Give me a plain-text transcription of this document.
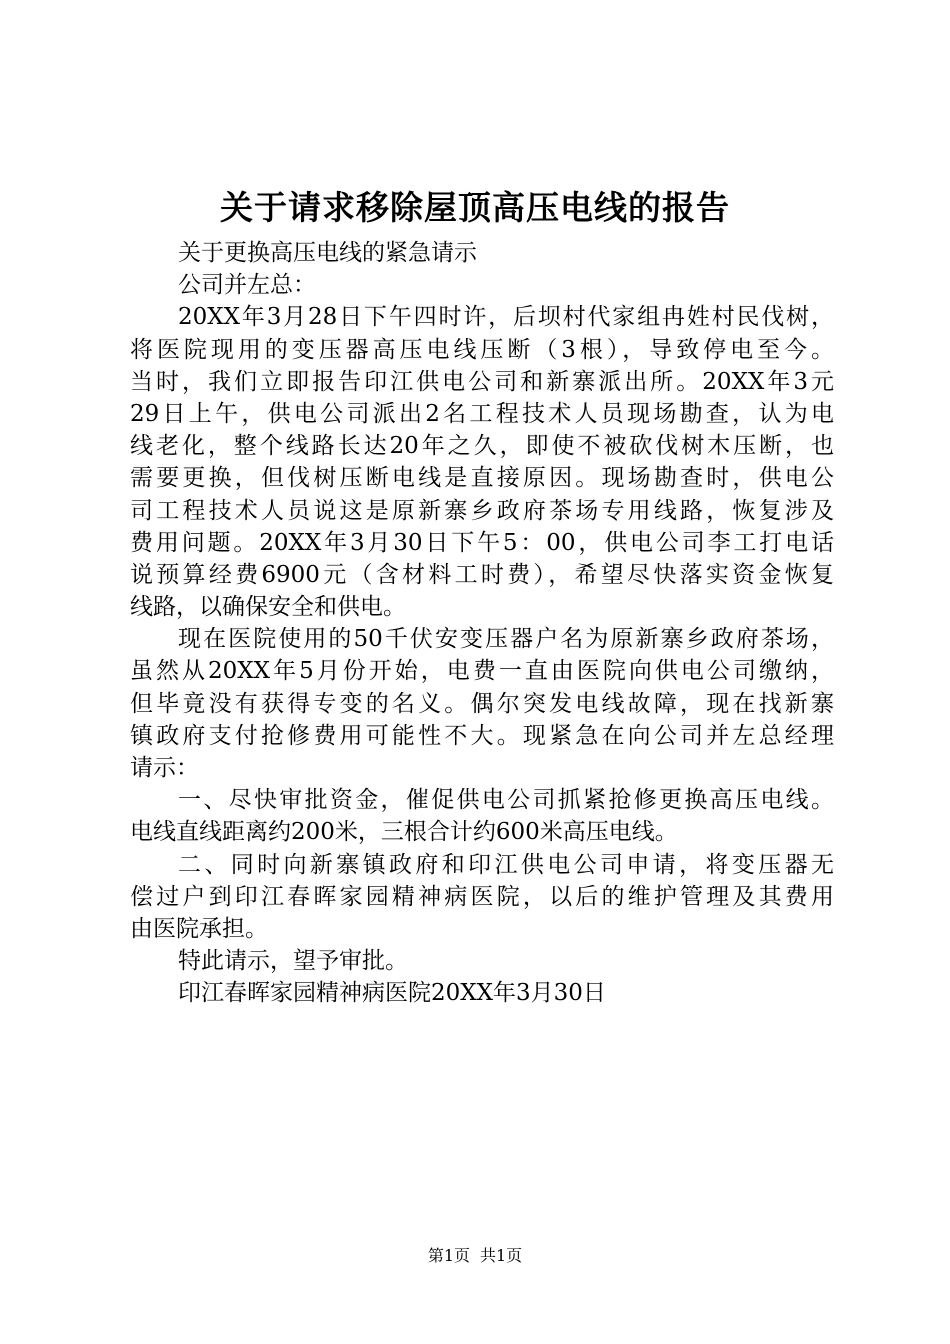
关于请求移除屋顶高压电线的报告
关于更换高压电线的紧急请示
公司并左总：
20XX年3月28日下午四时许，后坝村代家组冉姓村民伐树，
将医院现用的变压器高压电线压断（3根），导致停电至今。
当时，我们立即报告印江供电公司和新寨派出所。20XX年3元
29日上午，供电公司派出2名工程技术人员现场勘查，认为电
线老化，整个线路长达20年之久，即使不被砍伐树木压断，也
需要更换，但伐树压断电线是直接原因。现场勘查时，供电公
司工程技术人员说这是原新寨乡政府茶场专用线路，恢复涉及
费用问题。20XX年3月30日下午5：00，供电公司李工打电话
说预算经费6900元（含材料工时费），希望尽快落实资金恢复
线路，以确保安全和供电。
现在医院使用的50千伏安变压器户名为原新寨乡政府茶场，
虽然从20XX年5月份开始，电费一直由医院向供电公司缴纳，
但毕竟没有获得专变的名义。偶尔突发电线故障，现在找新寨
镇政府支付抢修费用可能性不大。现紧急在向公司并左总经理
请示：
一、尽快审批资金，催促供电公司抓紧抢修更换高压电线。
电线直线距离约200米，三根合计约600米高压电线。
二、同时向新寨镇政府和印江供电公司申请，将变压器无
偿过户到印江春晖家园精神病医院，以后的维护管理及其费用
由医院承担。
特此请示，望予审批。
印江春晖家园精神病医院20XX年3月30日
第1页 共1页
